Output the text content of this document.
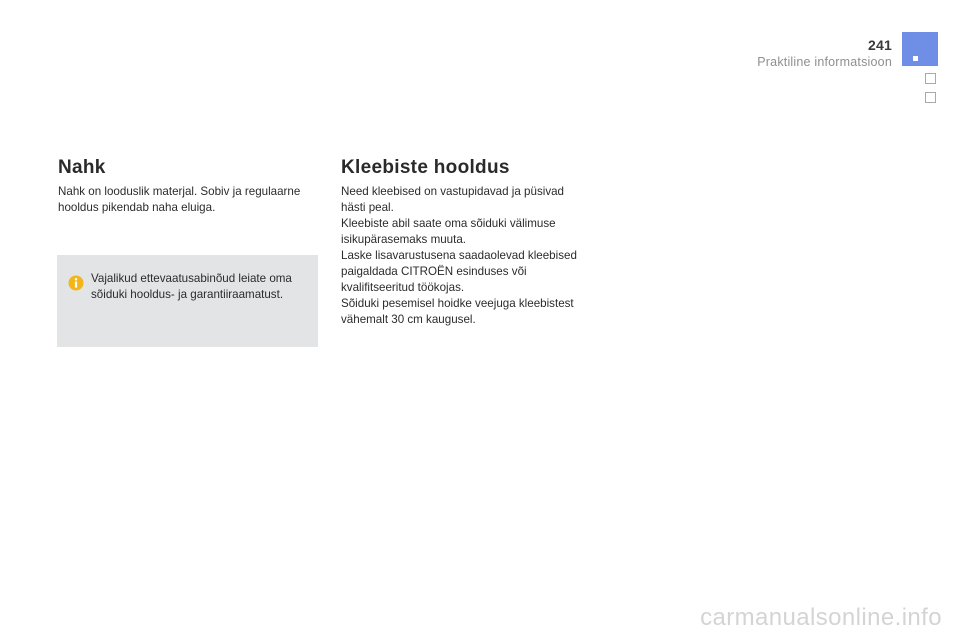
241
Praktiline informatsioon
Nahk

Nahk on looduslik materjal. Sobiv ja regulaarne hooldus pikendab naha eluiga.

Vajalikud ettevaatusabinõud leiate oma sõiduki hooldus- ja garantiiraamatust.

Kleebiste hooldus

Need kleebised on vastupidavad ja püsivad hästi peal.

Kleebiste abil saate oma sõiduki välimuse isikupärasemaks muuta.

Laske lisavarustusena saadaolevad kleebised paigaldada CITROËN esinduses või kvalifitseeritud töökojas.

Sõiduki pesemisel hoidke veejuga kleebistest vähemalt 30 cm kaugusel.

carmanualsonline.info
